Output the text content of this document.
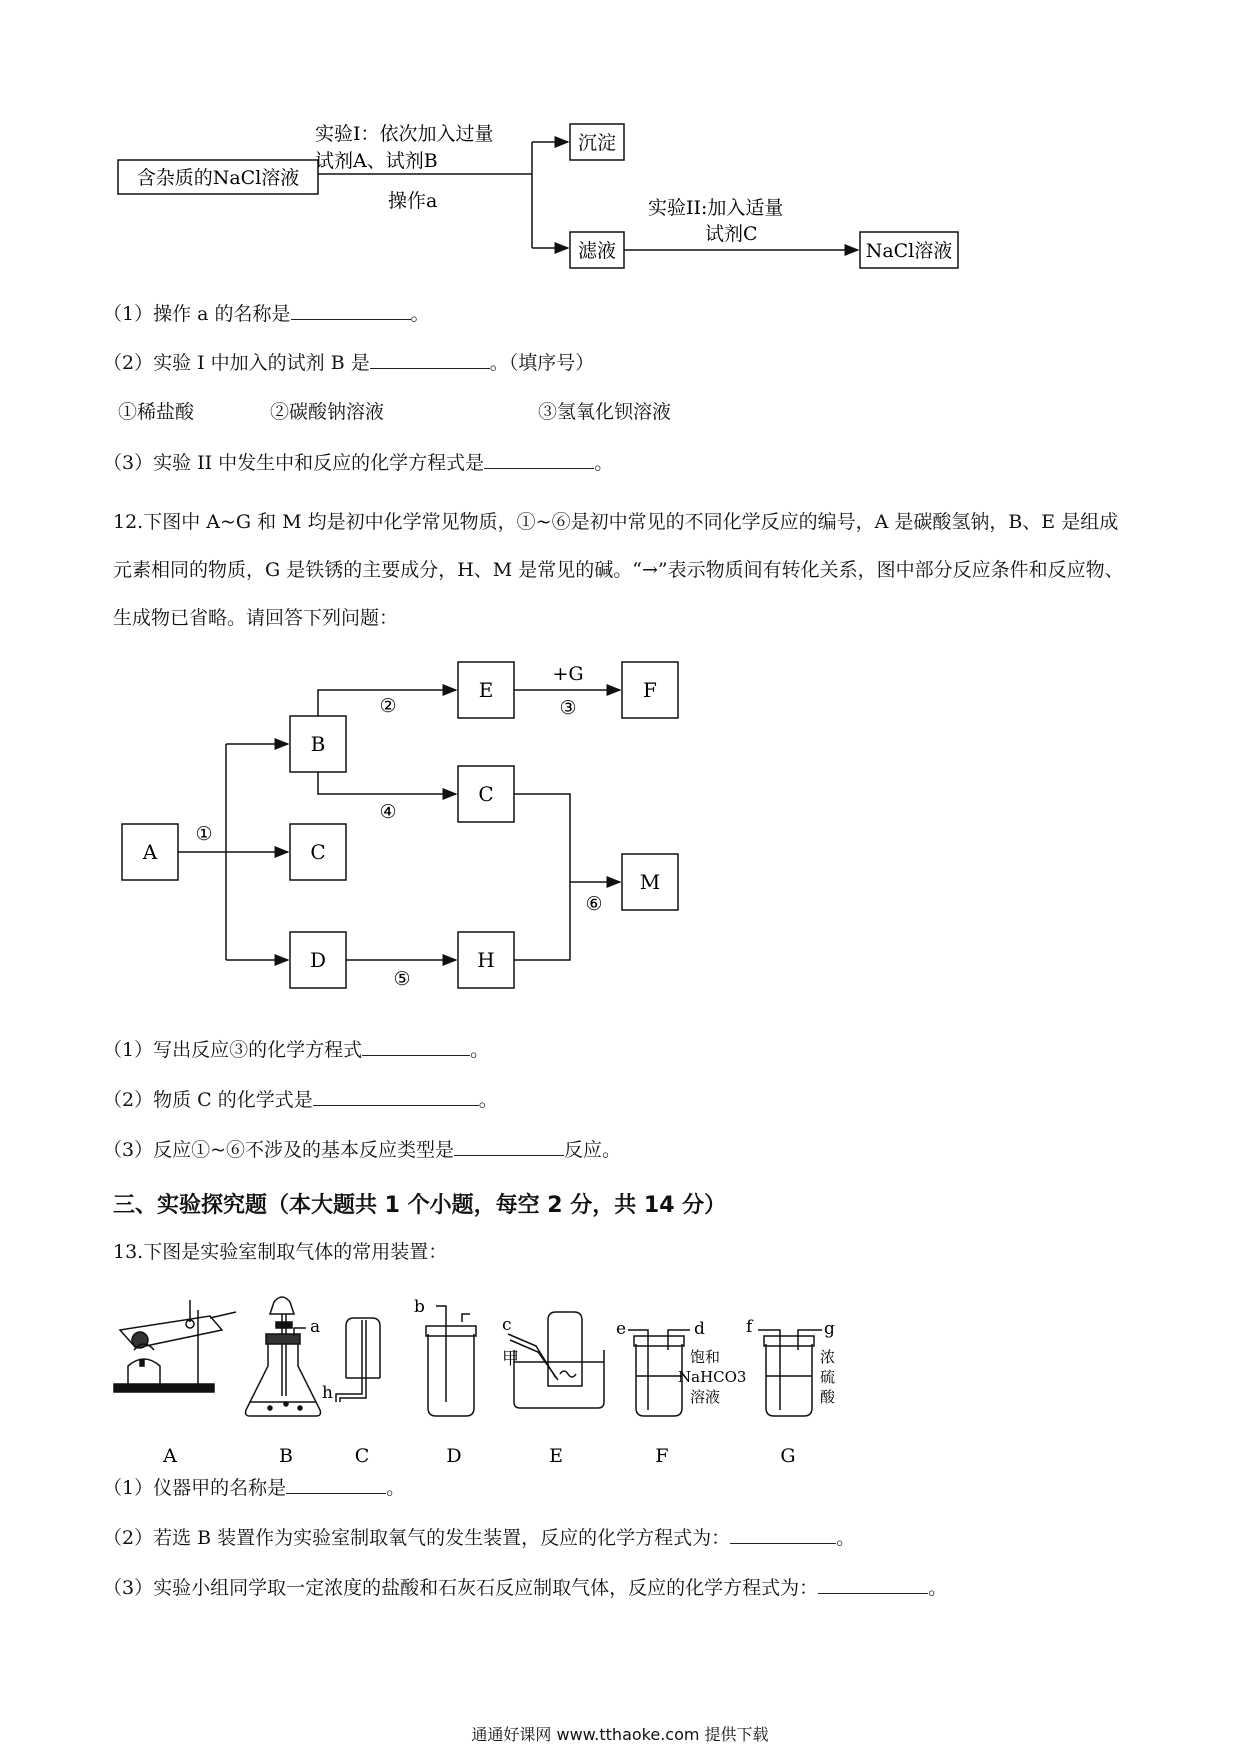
含杂质的NaCl溶液
实验I：依次加入过量
试剂A、试剂B
操作a
沉淀
滤液
实验II:加入适量
试剂C
NaCl溶液
（1）操作 a 的名称是	。
（2）实验 I 中加入的试剂 B 是	。（填序号）
①稀盐酸	②碳酸钠溶液	③氢氧化钡溶液
（3）实验 II 中发生中和反应的化学方程式是	。
12.下图中 A~G 和 M 均是初中化学常见物质，①~⑥是初中常见的不同化学反应的编号，A 是碳酸氢钠，B、E 是组成元素相同的物质，G 是铁锈的主要成分，H、M 是常见的碱。“→”表示物质间有转化关系，图中部分反应条件和反应物、生成物已省略。请回答下列问题：
A
B
C
D
E	F
C
H
M
①
②
+G
③
④
⑤
⑥
（1）写出反应③的化学方程式	。
（2）物质 C 的化学式是	。
（3）反应①~⑥不涉及的基本反应类型是	反应。
三、实验探究题（本大题共 1 个小题，每空 2 分，共 14 分）
13.下图是实验室制取气体的常用装置：
a
h
b
c
甲
e	d f	g
饱和
NaHCO3
溶液
浓
硫
酸
A	B	C	D	E	F	G
（1）仪器甲的名称是	。
（2）若选 B 装置作为实验室制取氧气的发生装置，反应的化学方程式为：	。
（3）实验小组同学取一定浓度的盐酸和石灰石反应制取气体，反应的化学方程式为：	。
通通好课网 www.tthaoke.com 提供下载
